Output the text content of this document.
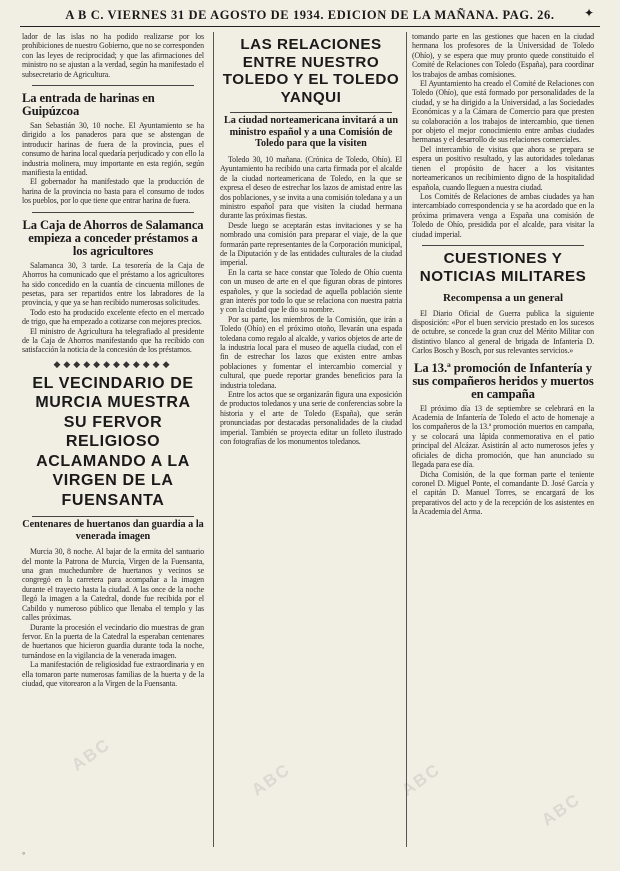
A B C. VIERNES 31 DE AGOSTO DE 1934. EDICION DE LA MAÑANA. PAG. 26. ✦

lador de las islas no ha podido realizarse por los prohibiciones de nuestro Gobierno, que no se corresponden con las leyes de reciprocidad; y que las afirmaciones del ministro no se ajustan a la verdad, según ha manifestado el subsecretario de Agricultura.

La entrada de harinas en Guipúzcoa

San Sebastián 30, 10 noche. El Ayuntamiento se ha dirigido a los panaderos para que se abstengan de introducir harinas de fuera de la provincia, pues el consumo de harina local quedaría perjudicado y con ello la industria molinera, muy importante en esta región, según manifiesta la entidad.

El gobernador ha manifestado que la producción de harina de la provincia no basta para el consumo de todos los pueblos, por lo que tiene que entrar harina de fuera.

La Caja de Ahorros de Salamanca empieza a conceder préstamos a los agricultores

Salamanca 30, 3 tarde. La tesorería de la Caja de Ahorros ha comunicado que el préstamo a los agricultores ha sido concedido en la cuantía de cincuenta millones de pesetas, para ser repartidos entre los labradores de la provincia, y que ya se han recibido numerosas solicitudes.

Todo esto ha producido excelente efecto en el mercado de trigo, que ha empezado a cotizarse con mejores precios.

El ministro de Agricultura ha telegrafiado al presidente de la Caja de Ahorros manifestando que ha recibido con satisfacción la noticia de la concesión de los préstamos.

◆◆◆◆◆◆◆◆◆◆◆◆
EL VECINDARIO DE MURCIA MUESTRA SU FERVOR RELIGIOSO ACLAMANDO A LA VIRGEN DE LA FUENSANTA
Centenares de huertanos dan guardia a la venerada imagen

Murcia 30, 8 noche. Al bajar de la ermita del santuario del monte la Patrona de Murcia, Virgen de la Fuensanta, una gran muchedumbre de huertanos y vecinos se congregó en la carretera para acompañar a la imagen durante el trayecto hasta la ciudad. A las once de la noche llegó la imagen a la Catedral, donde fue recibida por el Cabildo y numeroso público que llenaba el templo y las calles próximas.

Durante la procesión el vecindario dio muestras de gran fervor. En la puerta de la Catedral la esperaban centenares de huertanos que hicieron guardia durante toda la noche, turnándose en la vigilancia de la venerada imagen.

La manifestación de religiosidad fue extraordinaria y en ella tomaron parte numerosas familias de la huerta y de la ciudad, que vitorearon a la Virgen de la Fuensanta.

LAS RELACIONES ENTRE NUESTRO TOLEDO Y EL TOLEDO YANQUI
La ciudad norteamericana invitará a un ministro español y a una Comisión de Toledo para que la visiten

Toledo 30, 10 mañana. (Crónica de Toledo, Ohío). El Ayuntamiento ha recibido una carta firmada por el alcalde de la ciudad norteamericana de Toledo, en la que se expresa el deseo de estrechar los lazos de amistad entre las dos poblaciones, y se invita a una comisión toledana y a un ministro español para que visiten la ciudad hermana durante las próximas fiestas.

Desde luego se aceptarán estas invitaciones y se ha nombrado una comisión para preparar el viaje, de la que formarán parte representantes de la Corporación municipal, de la Diputación y de las entidades culturales de la ciudad imperial.

En la carta se hace constar que Toledo de Ohío cuenta con un museo de arte en el que figuran obras de pintores españoles, y que la sociedad de aquella población siente gran interés por todo lo que se relaciona con nuestra patria y con la ciudad que le dio su nombre.

Por su parte, los miembros de la Comisión, que irán a Toledo (Ohío) en el próximo otoño, llevarán una espada toledana como regalo al alcalde, y varios objetos de arte de la industria local para el museo de aquella ciudad, con el fin de estrechar los lazos que existen entre ambas poblaciones y fomentar el intercambio comercial y cultural, que puede reportar grandes beneficios para la industria toledana.

Entre los actos que se organizarán figura una exposición de productos toledanos y una serie de conferencias sobre la historia y el arte de Toledo (España), que serán pronunciadas por destacadas personalidades de la ciudad imperial. También se proyecta editar un folleto ilustrado con fotografías de los monumentos toledanos.

tomando parte en las gestiones que hacen en la ciudad hermana los profesores de la Universidad de Toledo (Ohío), y se espera que muy pronto quede constituido el Comité de Relaciones con Toledo (España), para coordinar los trabajos de ambas comisiones.

El Ayuntamiento ha creado el Comité de Relaciones con Toledo (Ohío), que está formado por personalidades de la ciudad, y se ha dirigido a la Universidad, a las Sociedades Económicas y a la Cámara de Comercio para que presten su colaboración a los trabajos de intercambio, que tienen por objeto el mejor conocimiento entre ambas ciudades hermanas y el desarrollo de sus relaciones comerciales.

Del intercambio de visitas que ahora se prepara se espera un positivo resultado, y las autoridades toledanas tienen el propósito de hacer a los visitantes norteamericanos un recibimiento digno de la hospitalidad española, cuando lleguen a nuestra ciudad.

Los Comités de Relaciones de ambas ciudades ya han intercambiado correspondencia y se ha acordado que en la próxima primavera venga a España una comisión de Toledo de Ohío, presidida por el alcalde, para visitar la ciudad imperial.

CUESTIONES Y NOTICIAS MILITARES
Recompensa a un general

El Diario Oficial de Guerra publica la siguiente disposición: «Por el buen servicio prestado en los sucesos de octubre, se concede la gran cruz del Mérito Militar con distintivo blanco al general de brigada de Infantería D. Carlos Bosch y Bosch, por sus relevantes servicios.»

La 13.ª promoción de Infantería y sus compañeros heridos y muertos en campaña

El próximo día 13 de septiembre se celebrará en la Academia de Infantería de Toledo el acto de homenaje a los compañeros de la 13.ª promoción muertos en campaña, y se colocará una lápida conmemorativa en el patio principal del Alcázar. Asistirán al acto numerosos jefes y oficiales de dicha promoción, que han anunciado su llegada para ese día.

Dicha Comisión, de la que forman parte el teniente coronel D. Miguel Ponte, el comandante D. José García y el capitán D. Manuel Torres, se encargará de los preparativos del acto y de la recepción de los asistentes en la Academia del Arma.

ABC
ABC	ABC
ABC
◦
